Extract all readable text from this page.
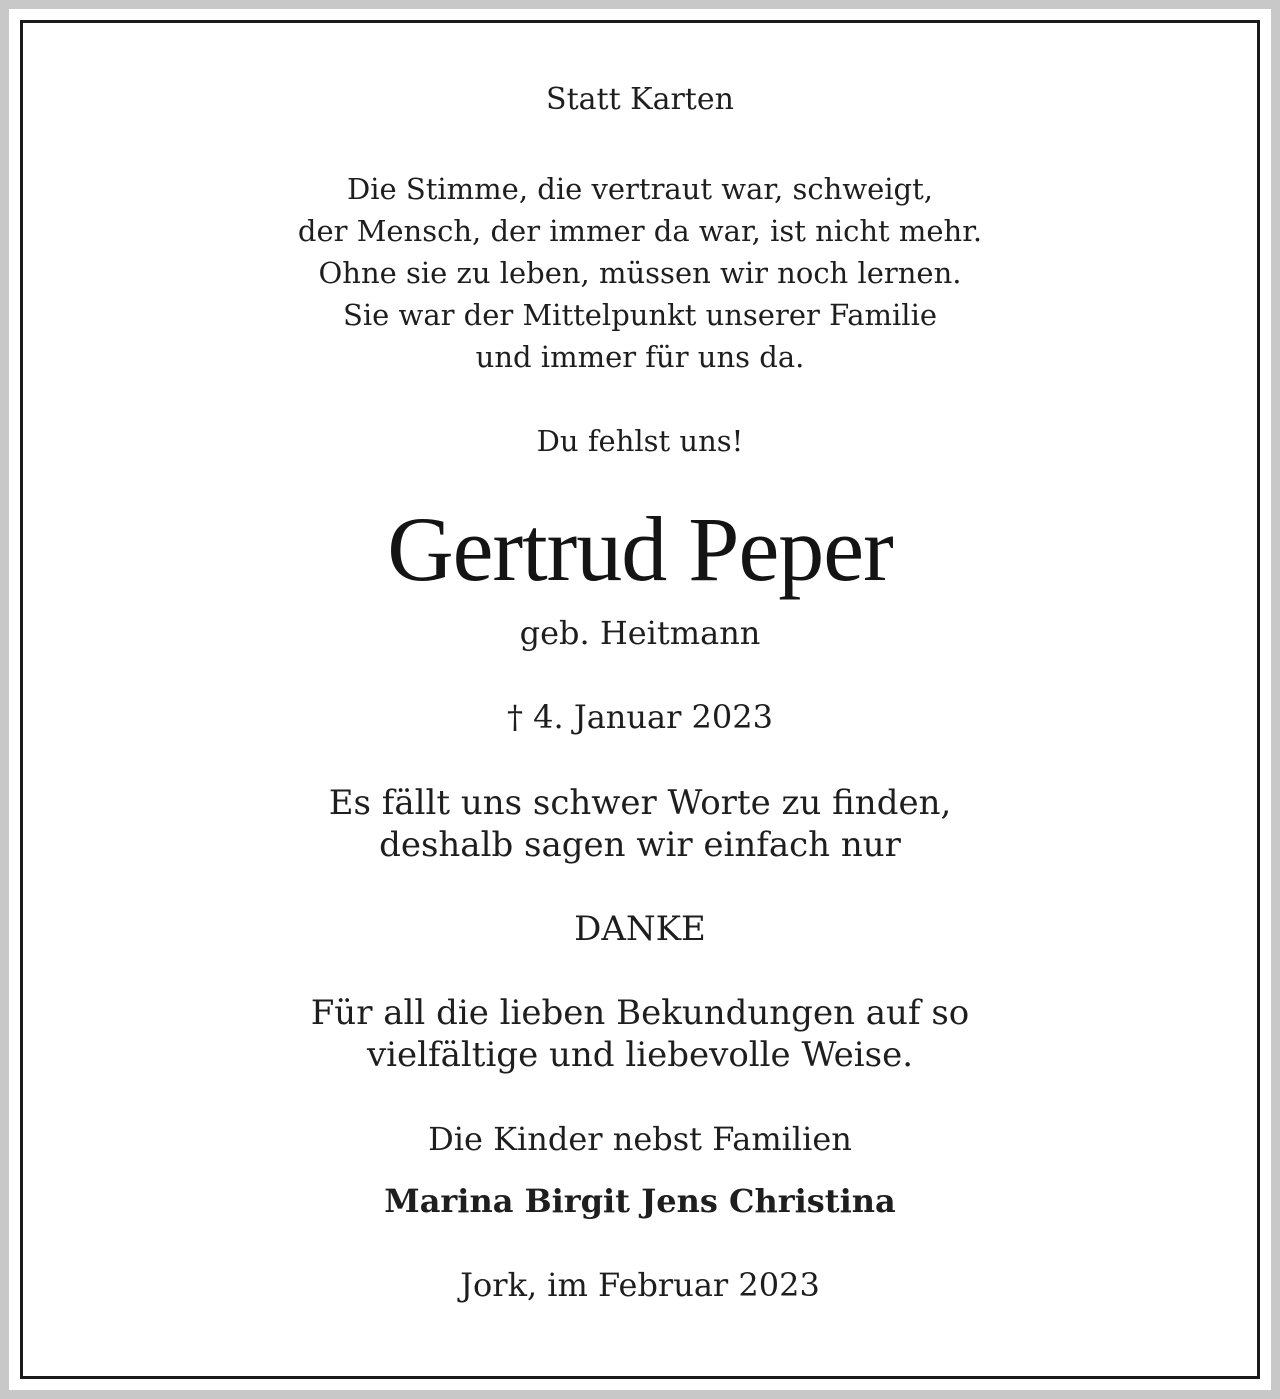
Statt Karten

Die Stimme, die vertraut war, schweigt,

der Mensch, der immer da war, ist nicht mehr.

Ohne sie zu leben, müssen wir noch lernen.

Sie war der Mittelpunkt unserer Familie

und immer für uns da.

Du fehlst uns!

Gertrud Peper

geb. Heitmann

† 4. Januar 2023

Es fällt uns schwer Worte zu finden,

deshalb sagen wir einfach nur

DANKE

Für all die lieben Bekundungen auf so

vielfältige und liebevolle Weise.

Die Kinder nebst Familien

Marina Birgit Jens Christina

Jork, im Februar 2023
